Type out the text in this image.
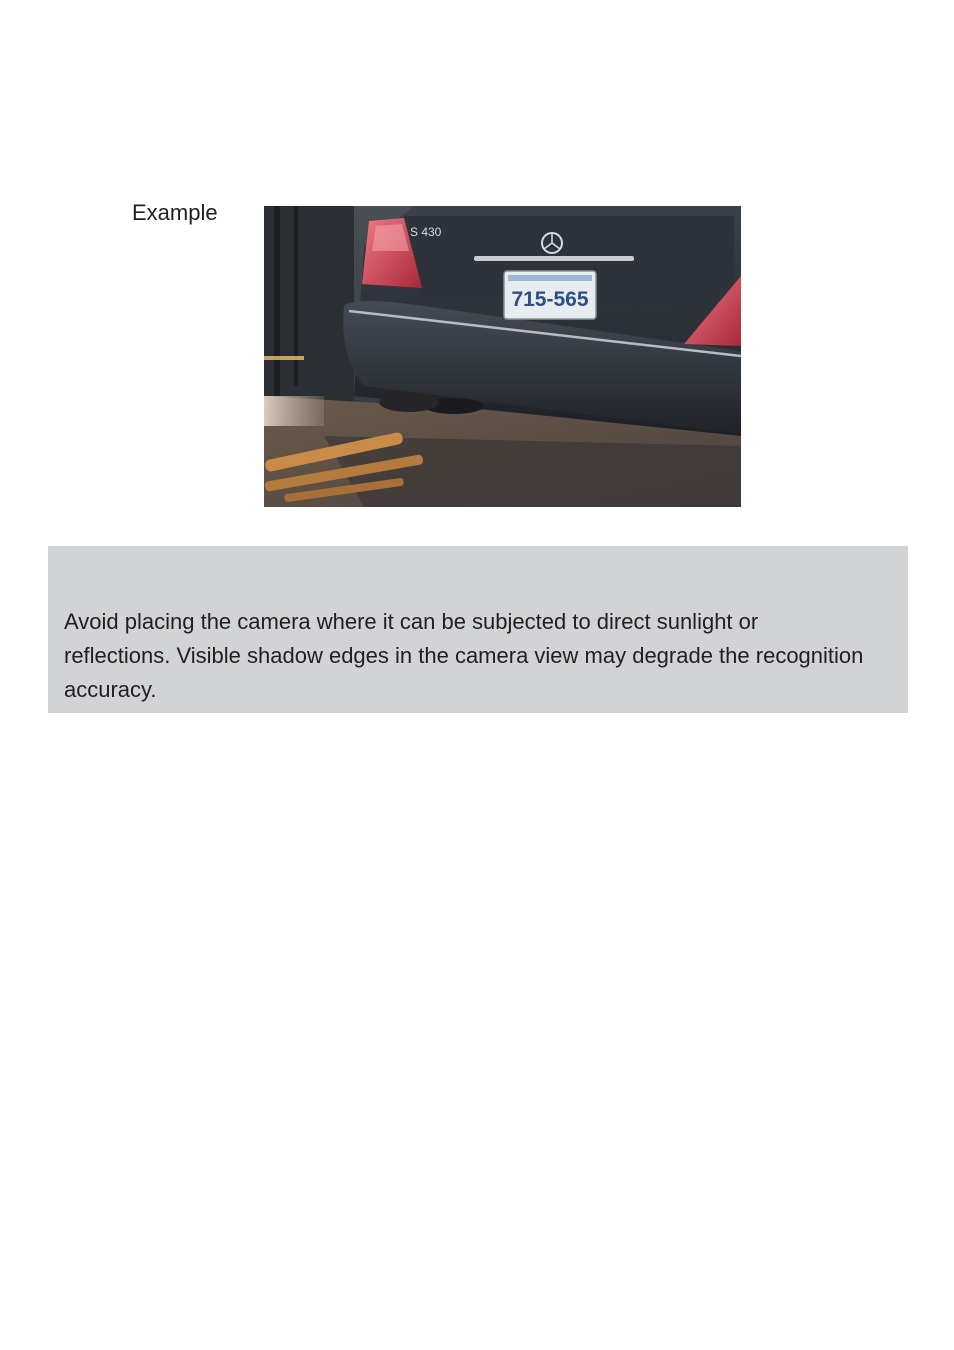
Example
S 430
715-565

Avoid placing the camera where it can be subjected to direct sunlight or reflections. Visible shadow edges in the camera view may degrade the recognition accuracy.
